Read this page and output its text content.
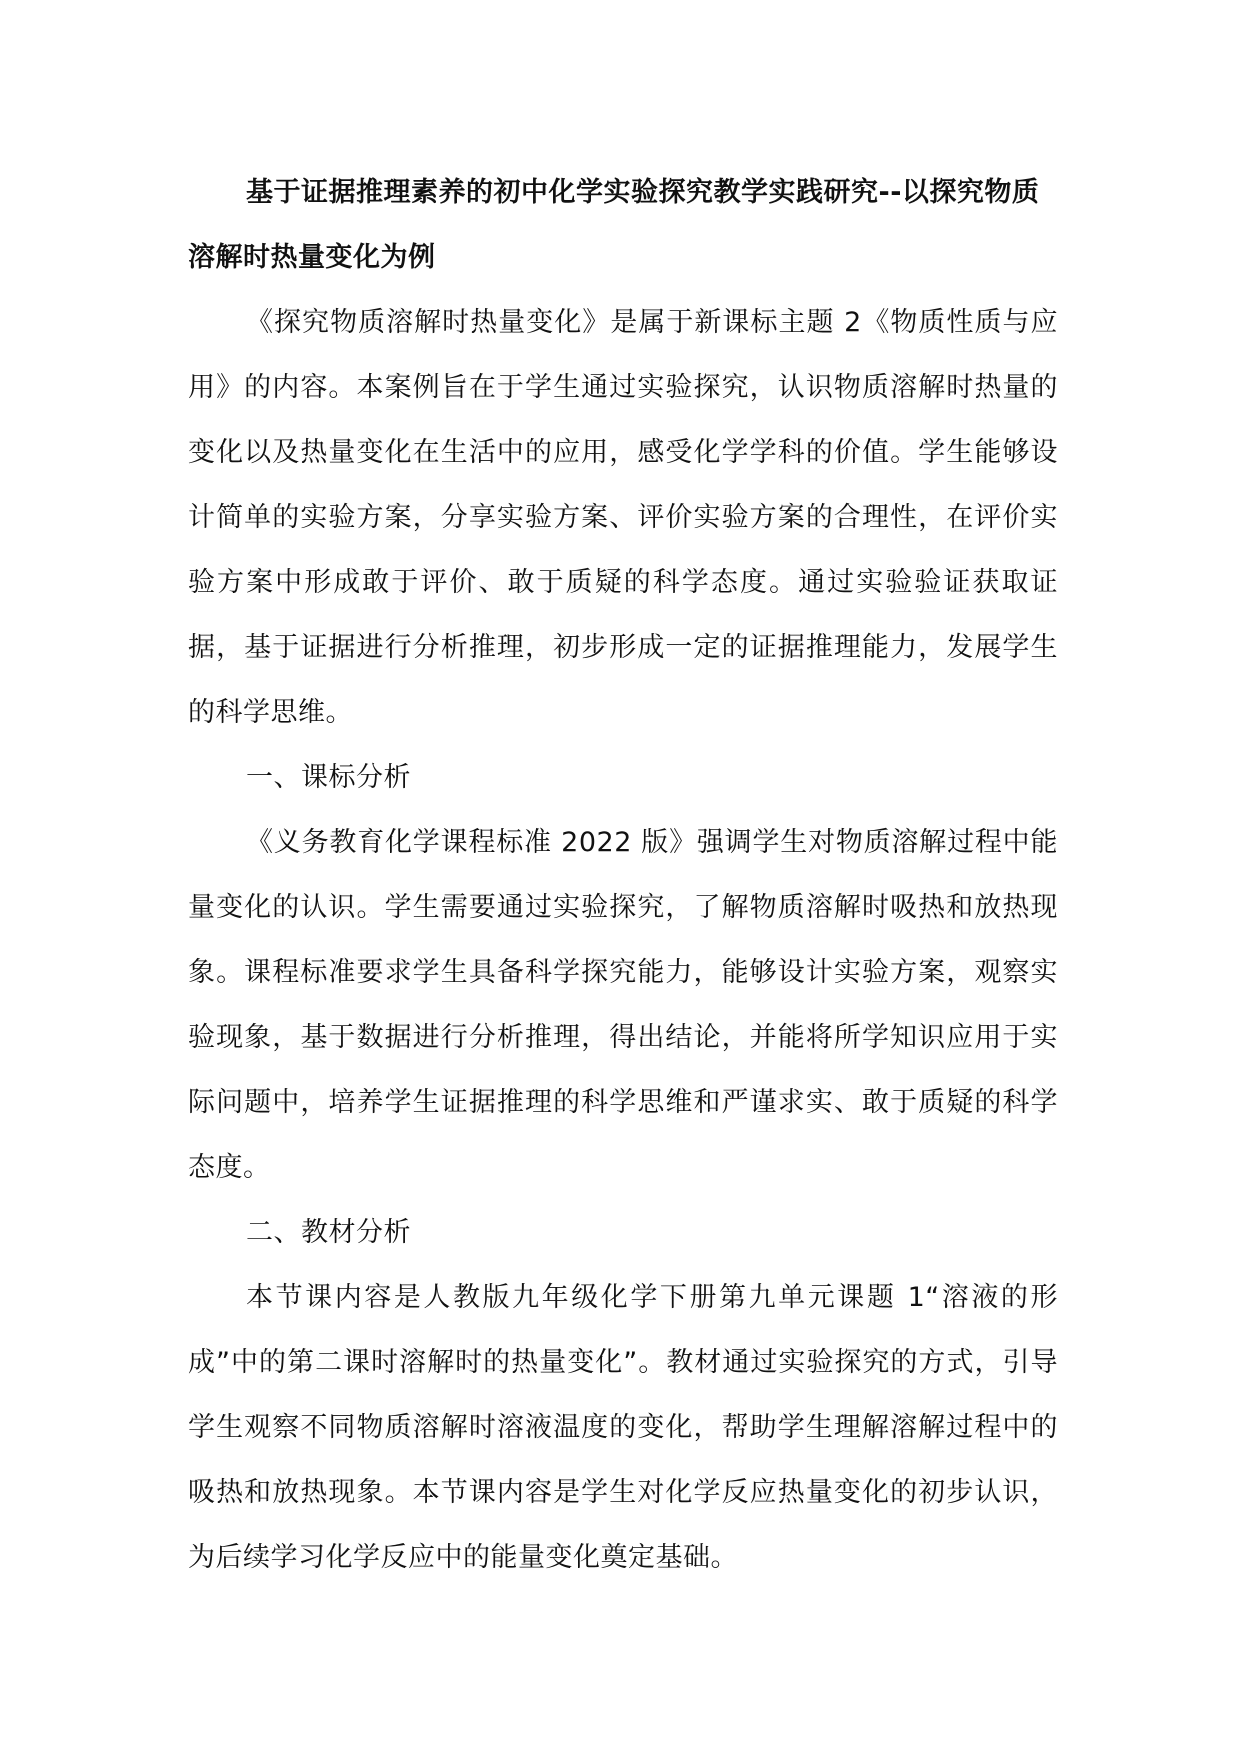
基于证据推理素养的初中化学实验探究教学实践研究--以探究物质溶解时热量变化为例

《探究物质溶解时热量变化》是属于新课标主题 2《物质性质与应用》的内容。本案例旨在于学生通过实验探究，认识物质溶解时热量的变化以及热量变化在生活中的应用，感受化学学科的价值。学生能够设计简单的实验方案，分享实验方案、评价实验方案的合理性，在评价实验方案中形成敢于评价、敢于质疑的科学态度。通过实验验证获取证据，基于证据进行分析推理，初步形成一定的证据推理能力，发展学生的科学思维。

一、课标分析

《义务教育化学课程标准 2022 版》强调学生对物质溶解过程中能量变化的认识。学生需要通过实验探究，了解物质溶解时吸热和放热现象。课程标准要求学生具备科学探究能力，能够设计实验方案，观察实验现象，基于数据进行分析推理，得出结论，并能将所学知识应用于实际问题中，培养学生证据推理的科学思维和严谨求实、敢于质疑的科学态度。

二、教材分析

本节课内容是人教版九年级化学下册第九单元课题 1“溶液的形成”中的第二课时溶解时的热量变化”。教材通过实验探究的方式，引导学生观察不同物质溶解时溶液温度的变化，帮助学生理解溶解过程中的吸热和放热现象。本节课内容是学生对化学反应热量变化的初步认识，为后续学习化学反应中的能量变化奠定基础。
